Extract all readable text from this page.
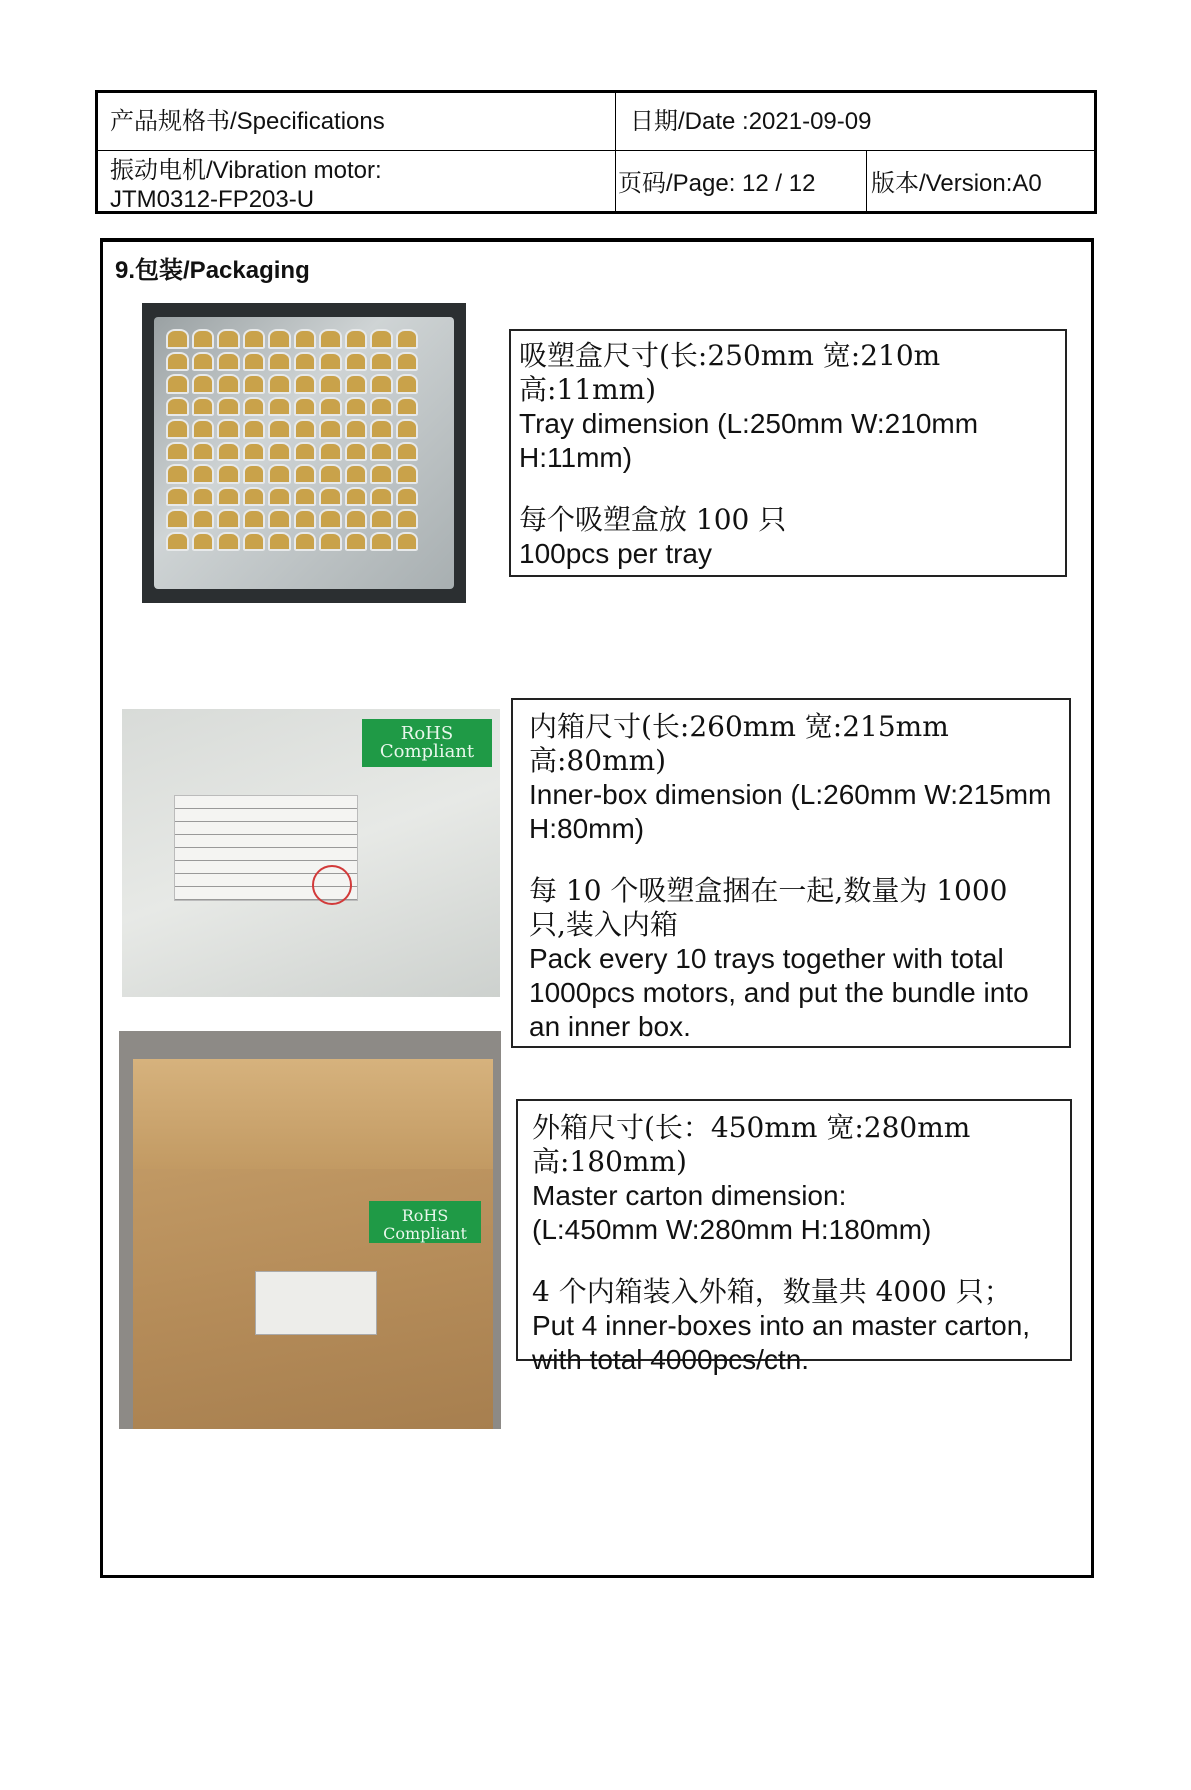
产品规格书/Specifications	日期/Date :2021-09-09
振动电机/Vibration motor:
JTM0312-FP203-U
页码/Page: 12 / 12 版本/Version:A0
9.包装/Packaging

吸塑盒尺寸(长:250mm 宽:210m 高:11mm)

Tray dimension (L:250mm W:210mm H:11mm)

每个吸塑盒放 100 只

100pcs per tray

RoHS
Compliant

内箱尺寸(长:260mm 宽:215mm 高:80mm)

Inner-box dimension (L:260mm W:215mm H:80mm)

每 10 个吸塑盒捆在一起,数量为 1000 只,装入内箱

Pack every 10 trays together with total 1000pcs motors, and put the bundle into an inner box.

RoHS
Compliant

外箱尺寸(长：450mm 宽:280mm 高:180mm)

Master carton dimension:

(L:450mm W:280mm H:180mm)

4 个内箱装入外箱，数量共 4000 只；

Put 4 inner-boxes into an master carton, with total 4000pcs/ctn.
